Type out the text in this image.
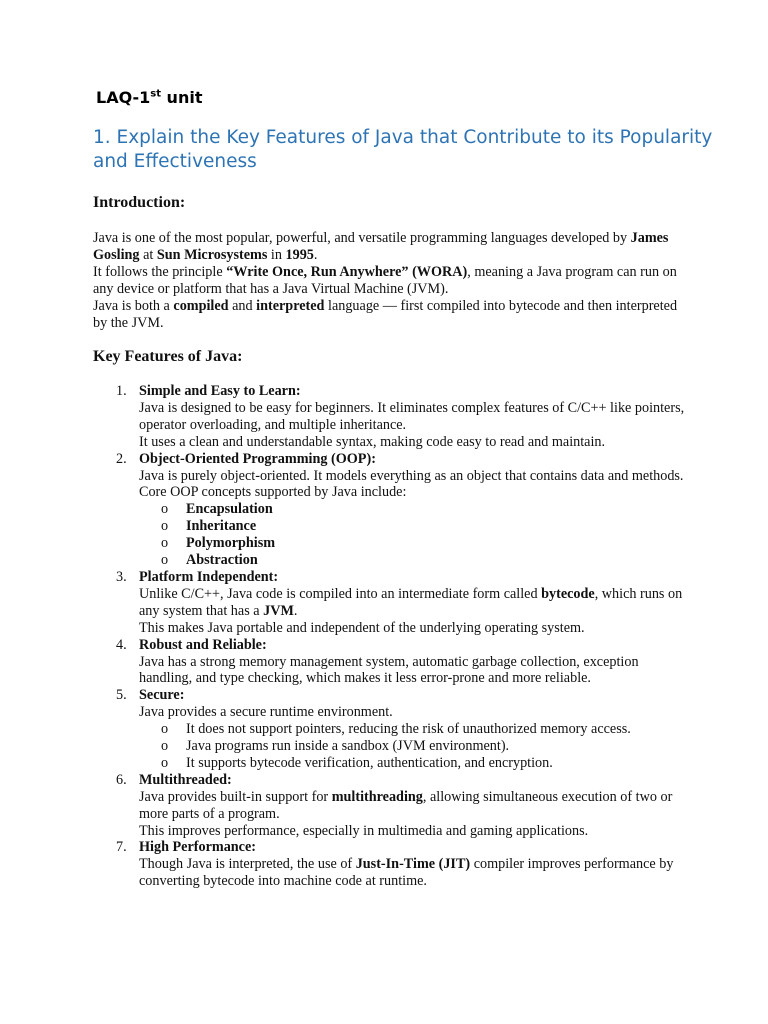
LAQ-1st unit
1. Explain the Key Features of Java that Contribute to its Popularity and Effectiveness
Introduction:

Java is one of the most popular, powerful, and versatile programming languages developed by James Gosling at Sun Microsystems in 1995.

It follows the principle “Write Once, Run Anywhere” (WORA), meaning a Java program can run on any device or platform that has a Java Virtual Machine (JVM).

Java is both a compiled and interpreted language — first compiled into bytecode and then interpreted by the JVM.

Key Features of Java:
1. Simple and Easy to Learn:
Java is designed to be easy for beginners. It eliminates complex features of C/C++ like pointers, operator overloading, and multiple inheritance.
It uses a clean and understandable syntax, making code easy to read and maintain.
2. Object-Oriented Programming (OOP):
Java is purely object-oriented. It models everything as an object that contains data and methods.
Core OOP concepts supported by Java include:
o Encapsulation
o Inheritance
o Polymorphism
o Abstraction
3. Platform Independent:
Unlike C/C++, Java code is compiled into an intermediate form called bytecode, which runs on any system that has a JVM.
This makes Java portable and independent of the underlying operating system.
4. Robust and Reliable:
Java has a strong memory management system, automatic garbage collection, exception handling, and type checking, which makes it less error-prone and more reliable.
5. Secure:
Java provides a secure runtime environment.
o It does not support pointers, reducing the risk of unauthorized memory access.
o Java programs run inside a sandbox (JVM environment).
o It supports bytecode verification, authentication, and encryption.
6. Multithreaded:
Java provides built-in support for multithreading, allowing simultaneous execution of two or more parts of a program.
This improves performance, especially in multimedia and gaming applications.
7. High Performance:
Though Java is interpreted, the use of Just-In-Time (JIT) compiler improves performance by converting bytecode into machine code at runtime.
